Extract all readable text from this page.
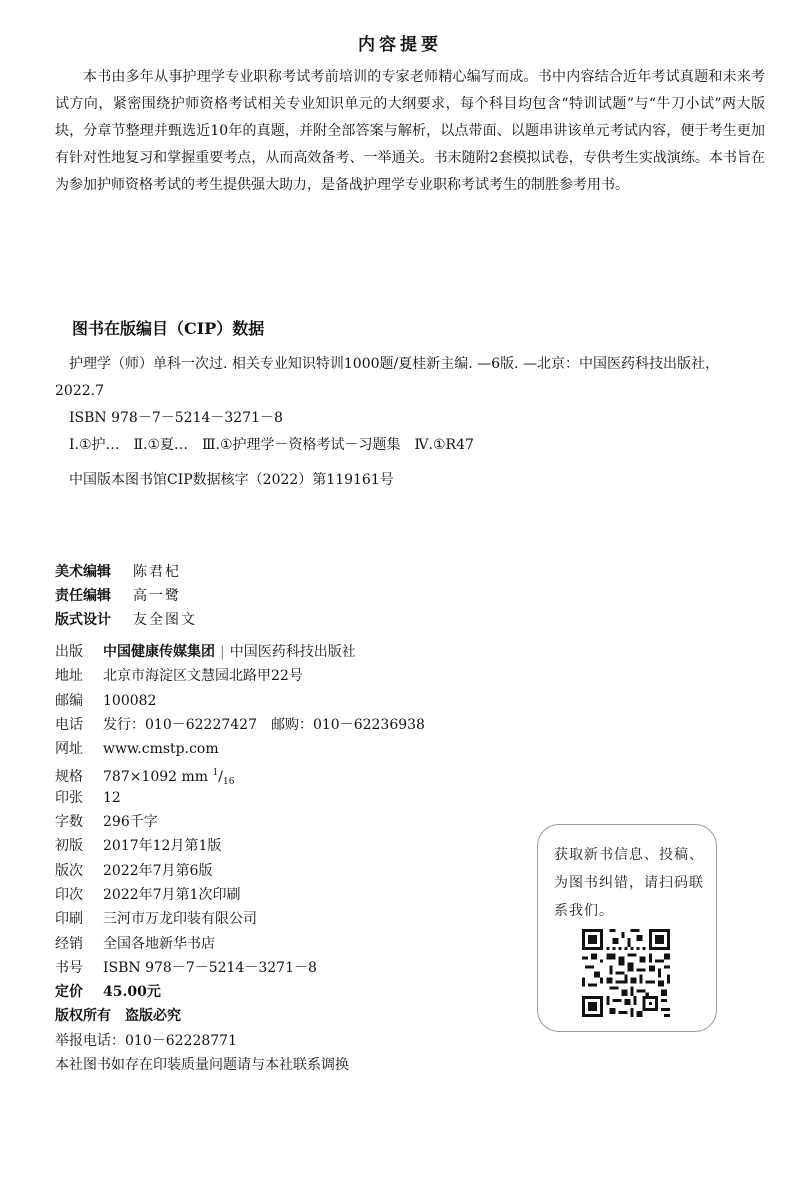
内容提要

本书由多年从事护理学专业职称考试考前培训的专家老师精心编写而成。书中内容结合近年考试真题和未来考试方向，紧密围绕护师资格考试相关专业知识单元的大纲要求，每个科目均包含“特训试题”与“牛刀小试”两大版块，分章节整理并甄选近10年的真题，并附全部答案与解析，以点带面、以题串讲该单元考试内容，便于考生更加有针对性地复习和掌握重要考点，从而高效备考、一举通关。书末随附2套模拟试卷，专供考生实战演练。本书旨在为参加护师资格考试的考生提供强大助力，是备战护理学专业职称考试考生的制胜参考用书。

图书在版编目（CIP）数据
护理学（师）单科一次过. 相关专业知识特训1000题/夏桂新主编. —6版. —北京：中国医药科技出版社，2022.7
ISBN 978－7－5214－3271－8
Ⅰ.①护…　Ⅱ.①夏…　Ⅲ.①护理学－资格考试－习题集　Ⅳ.①R47
中国版本图书馆CIP数据核字（2022）第119161号
美术编辑 陈君杞
责任编辑 高一鹭
版式设计 友全图文
出版 中国健康传媒集团 | 中国医药科技出版社
地址 北京市海淀区文慧园北路甲22号
邮编 100082
电话 发行：010－62227427　邮购：010－62236938
网址 www.cmstp.com
规格 787×1092 mm $^1/_{16}$
印张 12
字数 296千字
初版 2017年12月第1版
版次 2022年7月第6版
印次 2022年7月第1次印刷
印刷 三河市万龙印装有限公司
经销 全国各地新华书店
书号 ISBN 978－7－5214－3271－8
定价 45.00元
版权所有　盗版必究
举报电话：010－62228771
本社图书如存在印装质量问题请与本社联系调换
获取新书信息、投稿、为图书纠错，请扫码联系我们。
